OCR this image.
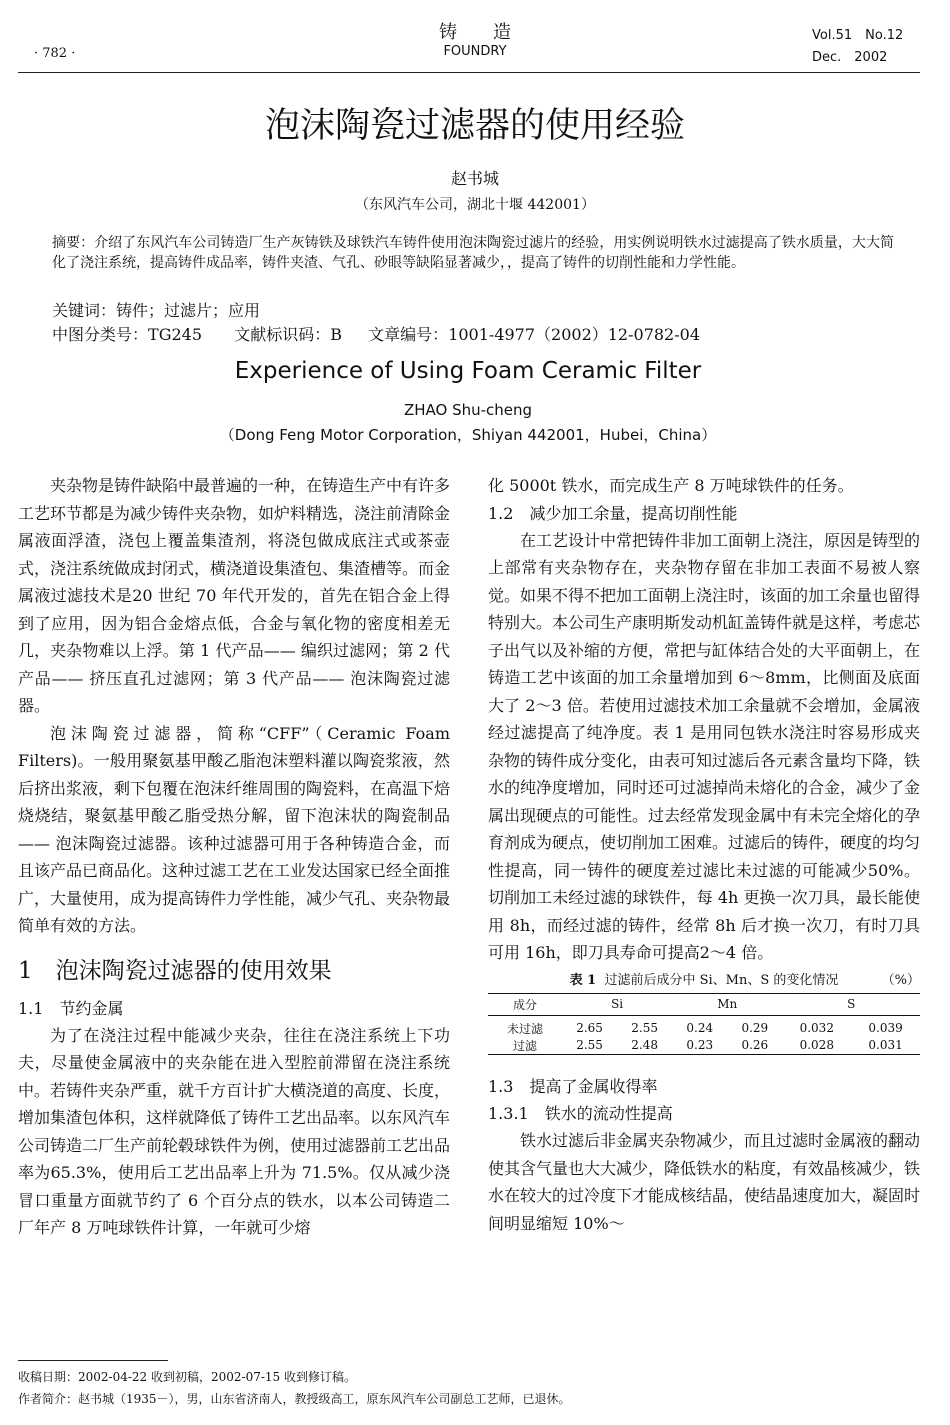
· 782 ·
铸　　造
FOUNDRY
Vol.51　No.12
Dec.　2002
泡沫陶瓷过滤器的使用经验
赵书城
（东风汽车公司，湖北十堰 442001）
摘要：介绍了东风汽车公司铸造厂生产灰铸铁及球铁汽车铸件使用泡沫陶瓷过滤片的经验，用实例说明铁水过滤提高了铁水质量，大大简化了浇注系统，提高铸件成品率，铸件夹渣、气孔、砂眼等缺陷显著减少，，提高了铸件的切削性能和力学性能。
关键词：铸件；过滤片；应用
中图分类号：TG245 文献标识码：B 文章编号：1001-4977（2002）12-0782-04
Experience of Using Foam Ceramic Filter
ZHAO Shu-cheng
（Dong Feng Motor Corporation，Shiyan 442001，Hubei，China）

夹杂物是铸件缺陷中最普遍的一种，在铸造生产中有许多工艺环节都是为减少铸件夹杂物，如炉料精选，浇注前清除金属液面浮渣，浇包上覆盖集渣剂，将浇包做成底注式或茶壶式，浇注系统做成封闭式，横浇道设集渣包、集渣槽等。而金属液过滤技术是20 世纪 70 年代开发的，首先在铝合金上得到了应用，因为铝合金熔点低，合金与氧化物的密度相差无几，夹杂物难以上浮。第 1 代产品—— 编织过滤网；第 2 代产品—— 挤压直孔过滤网；第 3 代产品—— 泡沫陶瓷过滤器。

泡沫陶瓷过滤器，简称“CFF”（Ceramic Foam Filters)。一般用聚氨基甲酸乙脂泡沫塑料灌以陶瓷浆液，然后挤出浆液，剩下包覆在泡沫纤维周围的陶瓷料，在高温下焙烧烧结，聚氨基甲酸乙脂受热分解，留下泡沫状的陶瓷制品—— 泡沫陶瓷过滤器。该种过滤器可用于各种铸造合金，而且该产品已商品化。这种过滤工艺在工业发达国家已经全面推广，大量使用，成为提高铸件力学性能，减少气孔、夹杂物最简单有效的方法。

1　泡沫陶瓷过滤器的使用效果
1.1　节约金属

为了在浇注过程中能减少夹杂，往往在浇注系统上下功夫，尽量使金属液中的夹杂能在进入型腔前滞留在浇注系统中。若铸件夹杂严重，就千方百计扩大横浇道的高度、长度，增加集渣包体积，这样就降低了铸件工艺出品率。以东风汽车公司铸造二厂生产前轮毂球铁件为例，使用过滤器前工艺出品率为65.3%，使用后工艺出品率上升为 71.5%。仅从减少浇冒口重量方面就节约了 6 个百分点的铁水，以本公司铸造二厂年产 8 万吨球铁件计算，一年就可少熔

化 5000t 铁水，而完成生产 8 万吨球铁件的任务。

1.2　减少加工余量，提高切削性能

在工艺设计中常把铸件非加工面朝上浇注，原因是铸型的上部常有夹杂物存在，夹杂物存留在非加工表面不易被人察觉。如果不得不把加工面朝上浇注时，该面的加工余量也留得特别大。本公司生产康明斯发动机缸盖铸件就是这样，考虑芯子出气以及补缩的方便，常把与缸体结合处的大平面朝上，在铸造工艺中该面的加工余量增加到 6～8mm，比侧面及底面大了 2～3 倍。若使用过滤技术加工余量就不会增加，金属液经过滤提高了纯净度。表 1 是用同包铁水浇注时容易形成夹杂物的铸件成分变化，由表可知过滤后各元素含量均下降，铁水的纯净度增加，同时还可过滤掉尚未熔化的合金，减少了金属出现硬点的可能性。过去经常发现金属中有未完全熔化的孕育剂成为硬点，使切削加工困难。过滤后的铸件，硬度的均匀性提高，同一铸件的硬度差过滤比未过滤的可能减少50%。切削加工未经过滤的球铁件，每 4h 更换一次刀具，最长能使用 8h，而经过滤的铸件，经常 8h 后才换一次刀，有时刀具可用 16h，即刀具寿命可提高2～4 倍。

表 1 过滤前后成分中 Si、Mn、S 的变化情况	（%）
成分	Si		Mn		S	
未过滤	2.65	2.55	0.24	0.29	0.032	0.039
过滤	2.55	2.48	0.23	0.26	0.028	0.031
1.3　提高了金属收得率
1.3.1　铁水的流动性提高

铁水过滤后非金属夹杂物减少，而且过滤时金属液的翻动使其含气量也大大减少，降低铁水的粘度，有效晶核减少，铁水在较大的过冷度下才能成核结晶，使结晶速度加大，凝固时间明显缩短 10%～

收稿日期：2002-04-22 收到初稿，2002-07-15 收到修订稿。
作者简介：赵书城（1935－），男，山东省济南人，教授级高工，原东风汽车公司副总工艺师，已退休。
